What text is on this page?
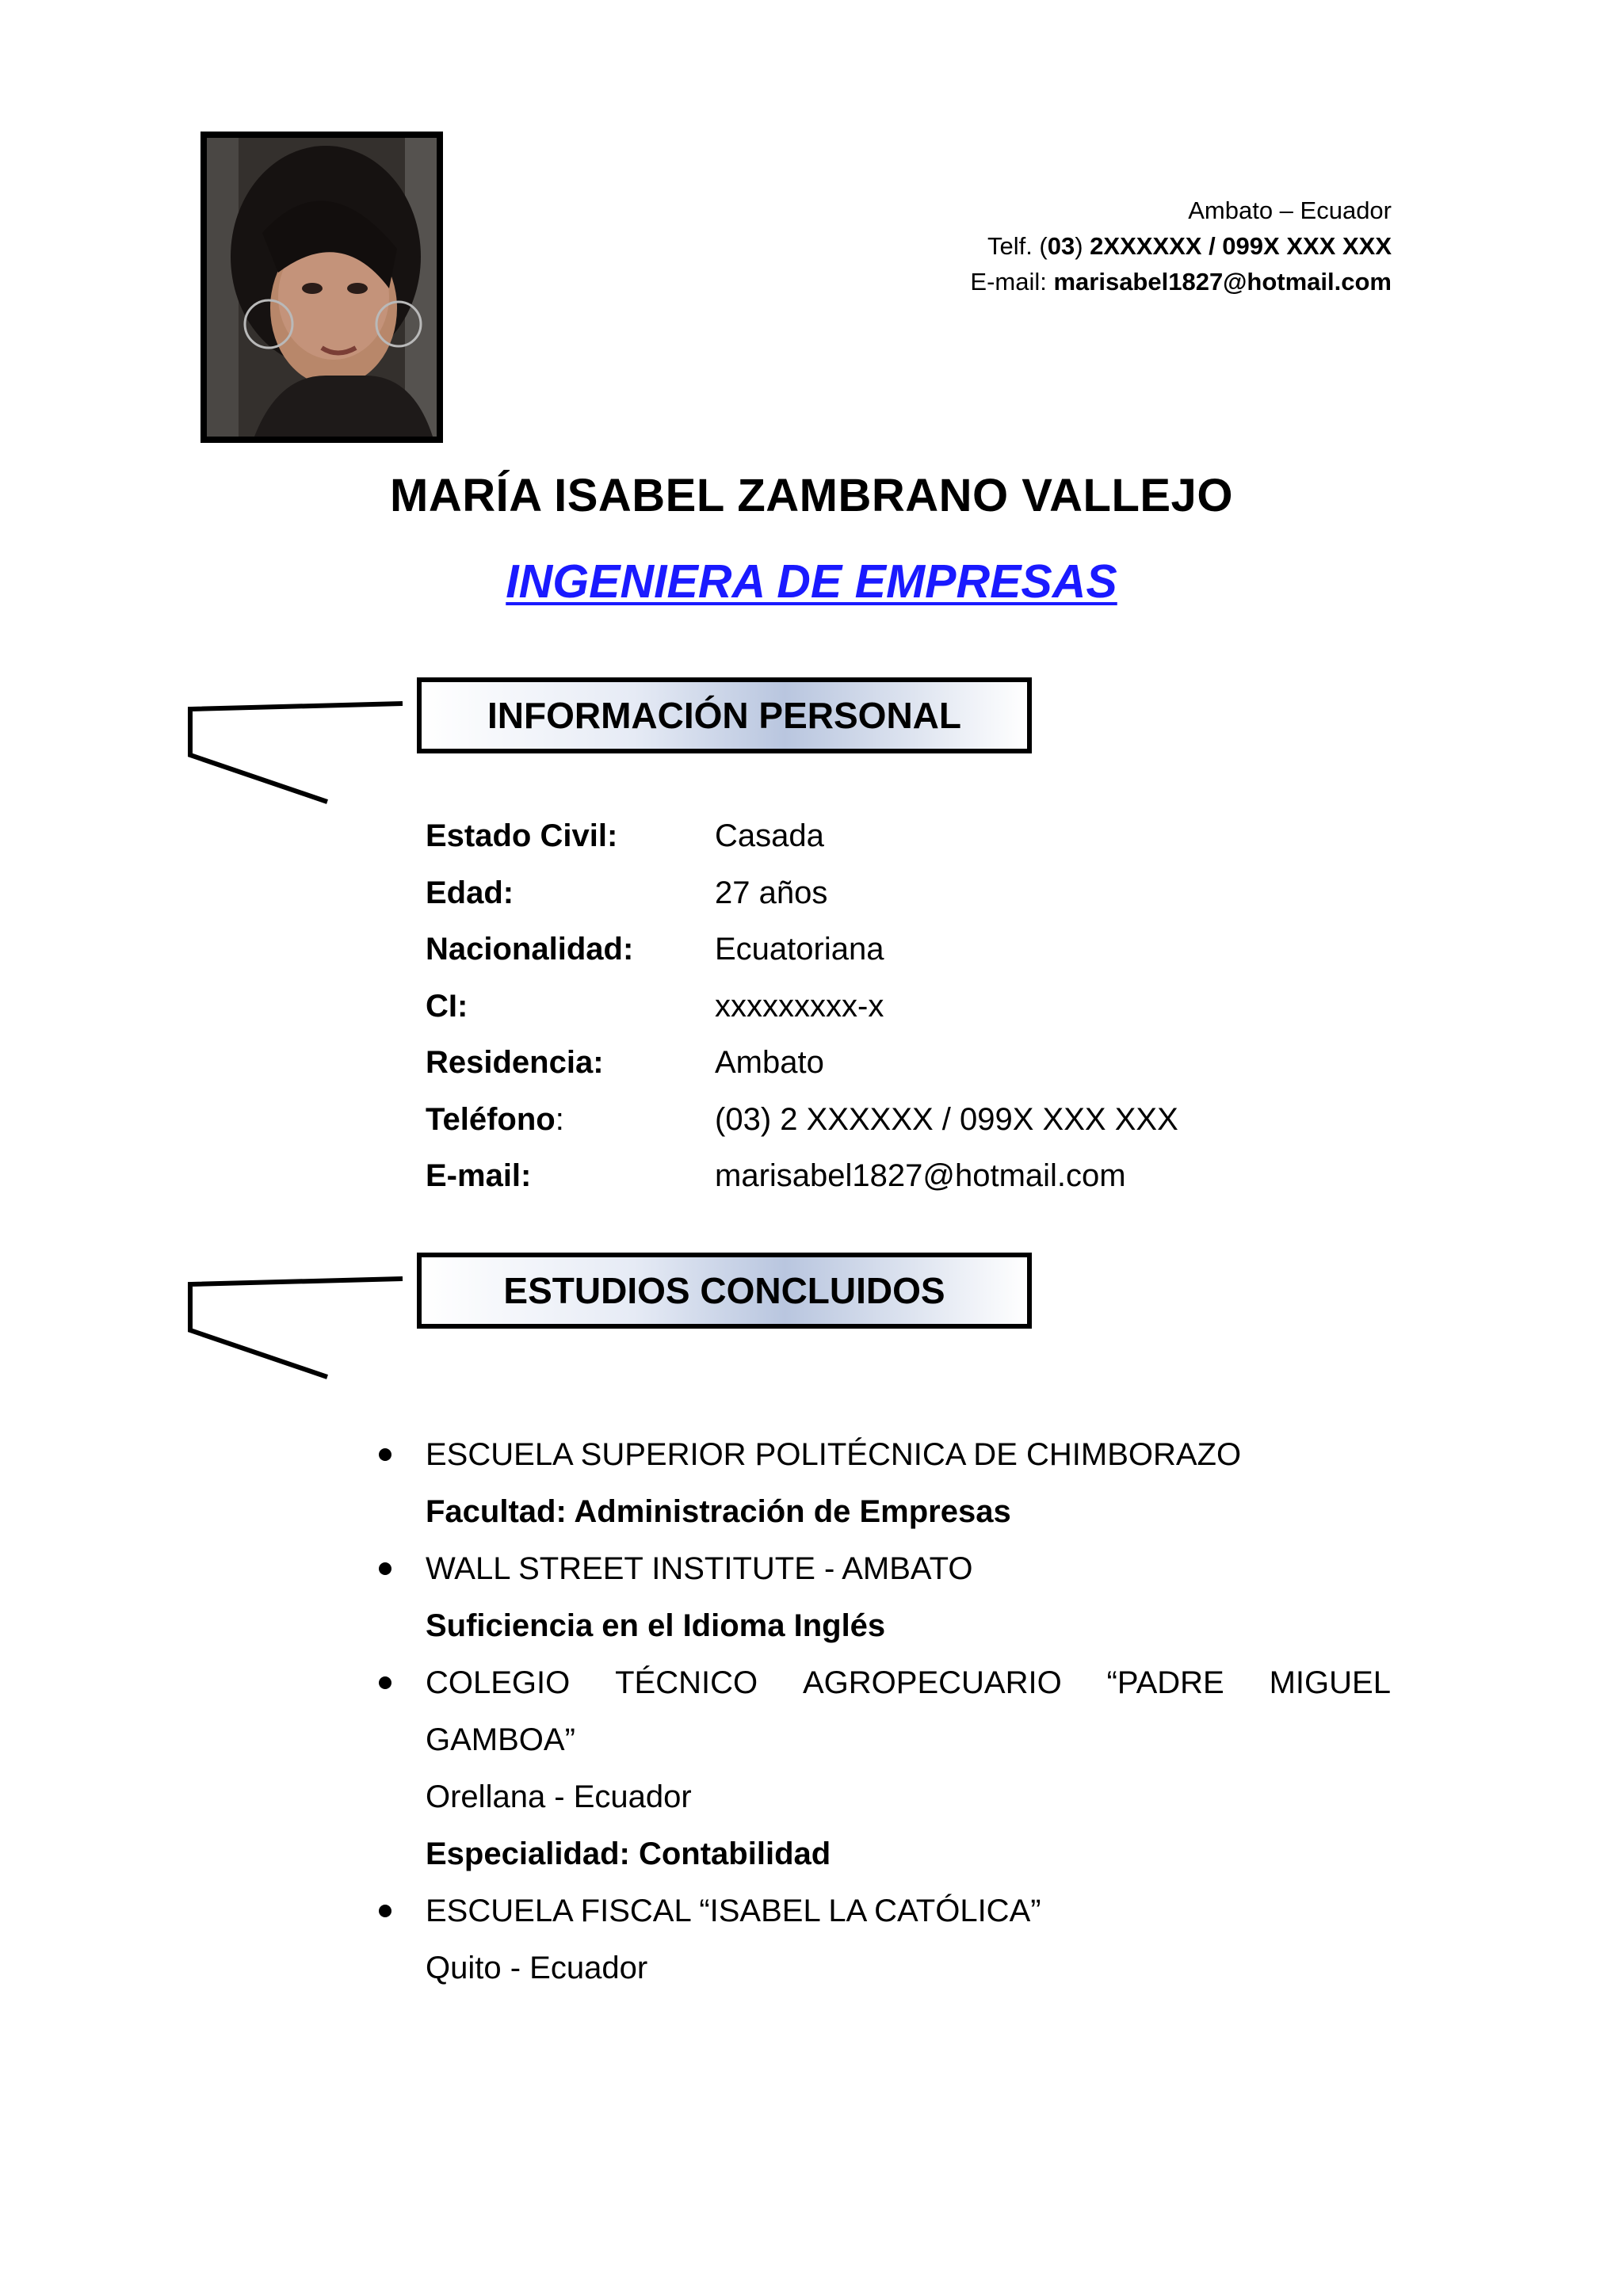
Ambato – Ecuador
Telf. (03) 2XXXXXX / 099X XXX XXX
E-mail: marisabel1827@hotmail.com
MARÍA ISABEL ZAMBRANO VALLEJO
INGENIERA DE EMPRESAS
INFORMACIÓN PERSONAL
Estado Civil:	Casada
Edad:	27 años
Nacionalidad:	Ecuatoriana
CI:	xxxxxxxxx-x
Residencia:	Ambato
Teléfono:	(03) 2 XXXXXX / 099X XXX XXX
E-mail:	marisabel1827@hotmail.com
ESTUDIOS CONCLUIDOS
ESCUELA SUPERIOR POLITÉCNICA DE CHIMBORAZO
Facultad: Administración de Empresas
WALL STREET INSTITUTE - AMBATO
Suficiencia en el Idioma Inglés
COLEGIO TÉCNICO AGROPECUARIO “PADRE MIGUEL
GAMBOA”
Orellana - Ecuador
Especialidad: Contabilidad
ESCUELA FISCAL “ISABEL LA CATÓLICA”
Quito - Ecuador
